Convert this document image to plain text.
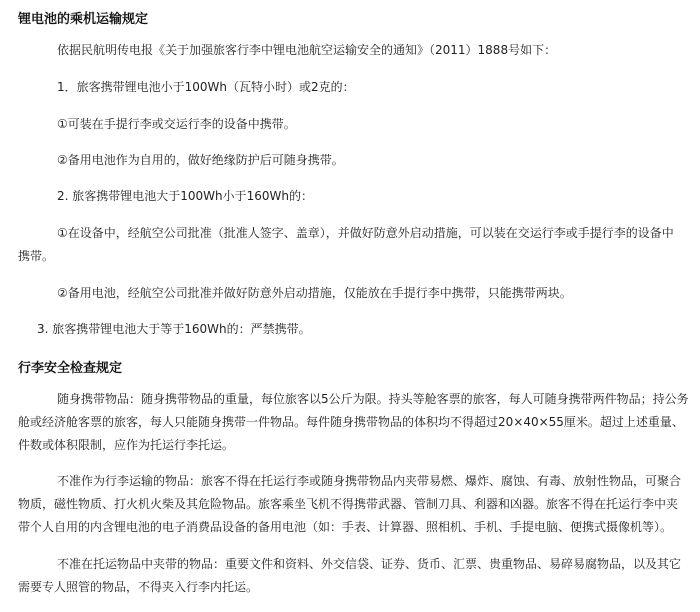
锂电池的乘机运输规定
依据民航明传电报《关于加强旅客行李中锂电池航空运输安全的通知》（2011）1888号如下：
1．旅客携带锂电池小于100Wh（瓦特小时）或2克的：
①可装在手提行李或交运行李的设备中携带。
②备用电池作为自用的，做好绝缘防护后可随身携带。
2. 旅客携带锂电池大于100Wh小于160Wh的：
①在设备中，经航空公司批准（批准人签字、盖章），并做好防意外启动措施，可以装在交运行李或手提行李的设备中
携带。
②备用电池，经航空公司批准并做好防意外启动措施，仅能放在手提行李中携带，只能携带两块。
3. 旅客携带锂电池大于等于160Wh的：严禁携带。
行李安全检查规定
随身携带物品：随身携带物品的重量，每位旅客以5公斤为限。持头等舱客票的旅客，每人可随身携带两件物品；持公务
舱或经济舱客票的旅客，每人只能随身携带一件物品。每件随身携带物品的体积均不得超过20×40×55厘米。超过上述重量、
件数或体积限制，应作为托运行李托运。
不准作为行李运输的物品：旅客不得在托运行李或随身携带物品内夹带易燃、爆炸、腐蚀、有毒、放射性物品，可聚合
物质，磁性物质、打火机火柴及其危险物品。旅客乘坐飞机不得携带武器、管制刀具、利器和凶器。旅客不得在托运行李中夹
带个人自用的内含锂电池的电子消费品设备的备用电池（如：手表、计算器、照相机、手机、手提电脑、便携式摄像机等）。
不准在托运物品中夹带的物品：重要文件和资料、外交信袋、证券、货币、汇票、贵重物品、易碎易腐物品，以及其它
需要专人照管的物品，不得夹入行李内托运。
